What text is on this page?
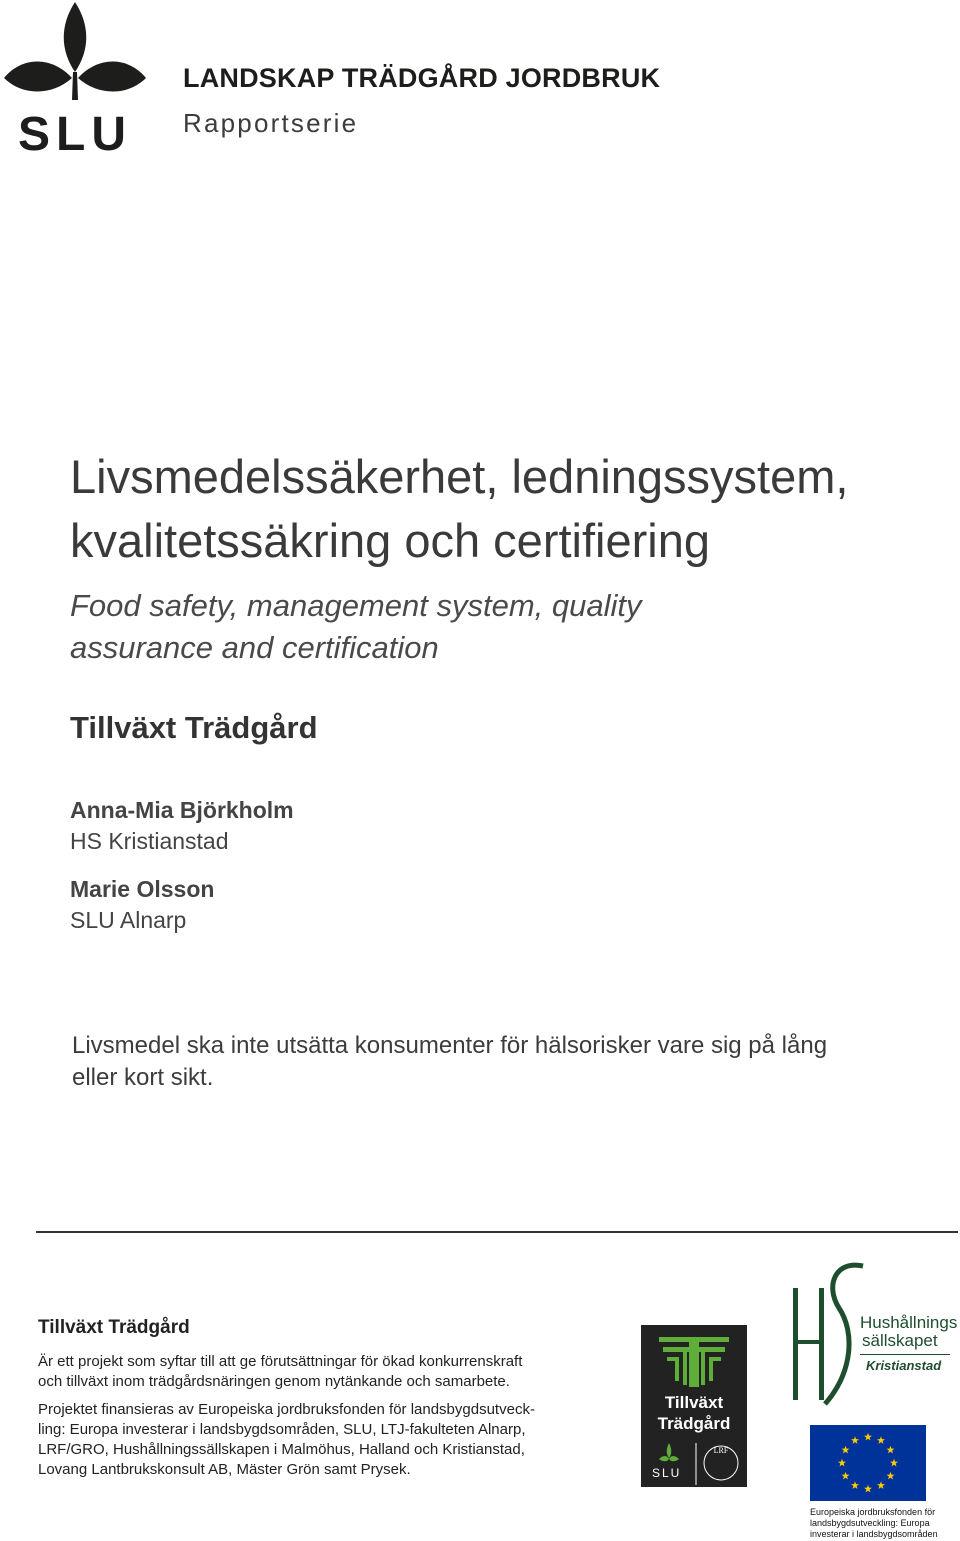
SLU
LANDSKAP TRÄDGÅRD JORDBRUK
Rapportserie
Livsmedelssäkerhet, ledningssystem,
kvalitetssäkring och certifiering

Food safety, management system, quality
assurance and certification

Tillväxt Trädgård
Anna-Mia Björkholm
HS Kristianstad
Marie Olsson
SLU Alnarp

Livsmedel ska inte utsätta konsumenter för hälsorisker vare sig på lång
eller kort sikt.

Tillväxt Trädgård

Är ett projekt som syftar till att ge förutsättningar för ökad konkurrenskraft
och tillväxt inom trädgårdsnäringen genom nytänkande och samarbete.

Projektet finansieras av Europeiska jordbruksfonden för landsbygdsutveck-
ling: Europa investerar i landsbygdsområden, SLU, LTJ-fakulteten Alnarp,
LRF/GRO, Hushållningssällskapen i Malmöhus, Halland och Kristianstad,
Lovang Lantbrukskonsult AB, Mäster Grön samt Prysek.

LRF
Tillväxt
Trädgård
SLU
Hushållnings
sällskapet
Kristianstad
Europeiska jordbruksfonden för
landsbygdsutveckling: Europa
investerar i landsbygdsområden
